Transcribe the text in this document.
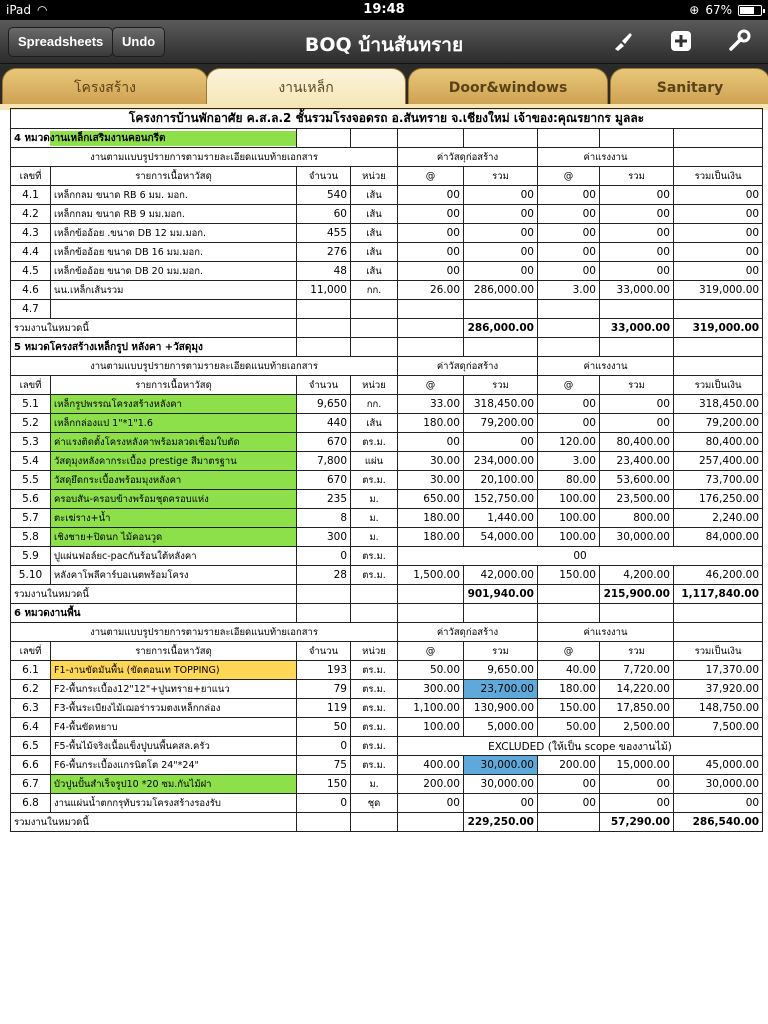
iPad ◠	19:48	⊕ 67%
Spreadsheets	Undo	BOQ บ้านสันทราย
โครงสร้าง	งานเหล็ก	Door&windows	Sanitary
โครงการบ้านพักอาศัย ค.ส.ล.2 ชั้นรวมโรงจอดรถ อ.สันทราย จ.เชียงใหม่ เจ้าของ:คุณรยากร มูลละ								
4 หมวดงานเหล็กเสริมงานคอนกรีต								
งานตามแบบรูปรายการตามรายละเอียดแนบท้ายเอกสาร				ค่าวัสดุก่อสร้าง		ค่าแรงงาน		
เลขที่	รายการเนื้อหาวัสดุ	จำนวน	หน่วย	@	รวม	@	รวม	รวมเป็นเงิน
4.1	เหล็กกลม ขนาด RB 6 มม. มอก.	540	เส้น	00	00	00	00	00
4.2	เหล็กกลม ขนาด RB 9 มม.มอก.	60	เส้น	00	00	00	00	00
4.3	เหล็กข้ออ้อย .ขนาด DB 12 มม.มอก.	455	เส้น	00	00	00	00	00
4.4	เหล็กข้ออ้อย ขนาด DB 16 มม.มอก.	276	เส้น	00	00	00	00	00
4.5	เหล็กข้ออ้อย ขนาด DB 20 มม.มอก.	48	เส้น	00	00	00	00	00
4.6	นน.เหล็กเส้นรวม	11,000	กก.	26.00	286,000.00	3.00	33,000.00	319,000.00
4.7								
รวมงานในหมวดนี้					286,000.00		33,000.00	319,000.00
5 หมวดโครงสร้างเหล็กรูป หลังคา +วัสดุมุง								
งานตามแบบรูปรายการตามรายละเอียดแนบท้ายเอกสาร				ค่าวัสดุก่อสร้าง		ค่าแรงงาน		
เลขที่	รายการเนื้อหาวัสดุ	จำนวน	หน่วย	@	รวม	@	รวม	รวมเป็นเงิน
5.1	เหล็กรูปพรรณโครงสร้างหลังคา	9,650	กก.	33.00	318,450.00	00	00	318,450.00
5.2	เหล็กกล่องแป 1"*1"1.6	440	เส้น	180.00	79,200.00	00	00	79,200.00
5.3	ค่าแรงติดตั้งโครงหลังคาพร้อมลวดเชื่อมใบตัด	670	ตร.ม.	00	00	120.00	80,400.00	80,400.00
5.4	วัสดุมุงหลังคากระเบื้อง prestige สีมาตรฐาน	7,800	แผ่น	30.00	234,000.00	3.00	23,400.00	257,400.00
5.5	วัสดุยึดกระเบื้องพร้อมมุงหลังคา	670	ตร.ม.	30.00	20,100.00	80.00	53,600.00	73,700.00
5.6	ครอบสัน-ครอบข้างพร้อมชุดครอบแห่ง	235	ม.	650.00	152,750.00	100.00	23,500.00	176,250.00
5.7	ตะเฆ่ราง+น้ำ	8	ม.	180.00	1,440.00	100.00	800.00	2,240.00
5.8	เชิงชาย+ปิดนก ไม้คอนวูด	300	ม.	180.00	54,000.00	100.00	30,000.00	84,000.00
5.9	ปูแผ่นฟอล์ยc-pacกันร้อนใต้หลังคา	0	ตร.ม.	00				
5.10	หลังคาโพลีคาร์บอเนตพร้อมโครง	28	ตร.ม.	1,500.00	42,000.00	150.00	4,200.00	46,200.00
รวมงานในหมวดนี้					901,940.00		215,900.00	1,117,840.00
6 หมวดงานพื้น								
งานตามแบบรูปรายการตามรายละเอียดแนบท้ายเอกสาร				ค่าวัสดุก่อสร้าง		ค่าแรงงาน		
เลขที่	รายการเนื้อหาวัสดุ	จำนวน	หน่วย	@	รวม	@	รวม	รวมเป็นเงิน
6.1	F1-งานขัดมันพื้น (ขัดตอนเท TOPPING)	193	ตร.ม.	50.00	9,650.00	40.00	7,720.00	17,370.00
6.2	F2-พื้นกระเบื้อง12"12"+ปูนทราย+ยาแนว	79	ตร.ม.	300.00	23,700.00	180.00	14,220.00	37,920.00
6.3	F3-พื้นระเบียงไม้เฌอร่ารวมตงเหล็กกล่อง	119	ตร.ม.	1,100.00	130,900.00	150.00	17,850.00	148,750.00
6.4	F4-พื้นขัดหยาบ	50	ตร.ม.	100.00	5,000.00	50.00	2,500.00	7,500.00
6.5	F5-พื้นไม้จริงเนื้อแข็งปูบนพื้นคสล.ครัว	0	ตร.ม.	EXCLUDED (ให้เป็น scope ของงานไม้)				
6.6	F6-พื้นกระเบื้องแกรนิตโต 24"*24"	75	ตร.ม.	400.00	30,000.00	200.00	15,000.00	45,000.00
6.7	บัวปูนปั้นสำเร็จรูป10 *20 ซม.กันไม้ฝา	150	ม.	200.00	30,000.00	00	00	30,000.00
6.8	งานแผ่นน้ำตกกรุทับรวมโครงสร้างรองรับ	0	ชุด	00	00	00	00	00
รวมงานในหมวดนี้					229,250.00		57,290.00	286,540.00
